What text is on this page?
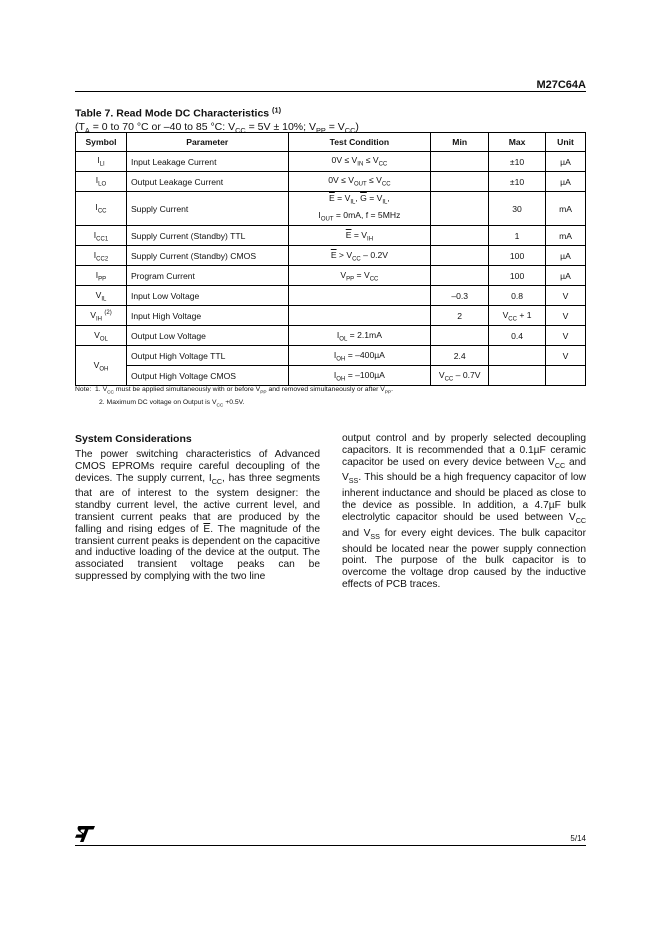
M27C64A
Table 7. Read Mode DC Characteristics $^{(1)}$
($T_A = 0$ to 70 °C or –40 to 85 °C: $V_{CC} = 5V \pm 10\%$; $V_{PP} = V_{CC}$)
Symbol	Parameter	Test Condition	Min	Max	Unit
$I_{LI}$	Input Leakage Current	$0V \le V_{IN} \le V_{CC}$		±10	µA
$I_{LO}$	Output Leakage Current	$0V \le V_{OUT} \le V_{CC}$		±10	µA
$I_{CC}$	Supply Current	$\overline{E} = V_{IL}$, $\overline{G} = V_{IL}$,
$I_{OUT} = 0mA$, f = 5MHz		30	mA
$I_{CC1}$	Supply Current (Standby) TTL	$\overline{E} = V_{IH}$		1	mA
$I_{CC2}$	Supply Current (Standby) CMOS	$\overline{E} > V_{CC} - 0.2V$		100	µA
$I_{PP}$	Program Current	$V_{PP} = V_{CC}$		100	µA
$V_{IL}$	Input Low Voltage		–0.3	0.8	V
$V_{IH}$ $^{(2)}$	Input High Voltage		2	$V_{CC} + 1$	V
$V_{OL}$	Output Low Voltage	$I_{OL} = 2.1mA$		0.4	V
$V_{OH}$	Output High Voltage TTL	$I_{OH} = -400\mu A$	2.4		V
	Output High Voltage CMOS	$I_{OH} = -100\mu A$	$V_{CC} - 0.7V$		
Note: 1. $V_{CC}$ must be applied simultaneously with or before $V_{PP}$ and removed simultaneously or after $V_{PP}$.
2. Maximum DC voltage on Output is $V_{CC} +0.5V$.
System Considerations
The power switching characteristics of Advanced CMOS EPROMs require careful decoupling of the devices. The supply current, $I_{CC}$, has three segments that are of interest to the system designer: the standby current level, the active current level, and transient current peaks that are produced by the falling and rising edges of $\overline{E}$. The magnitude of the transient current peaks is dependent on the capacitive and inductive loading of the device at the output. The associated transient voltage peaks can be suppressed by complying with the two line
output control and by properly selected decoupling capacitors. It is recommended that a 0.1µF ceramic capacitor be used on every device between $V_{CC}$ and $V_{SS}$. This should be a high frequency capacitor of low inherent inductance and should be placed as close to the device as possible. In addition, a 4.7µF bulk electrolytic capacitor should be used between $V_{CC}$ and $V_{SS}$ for every eight devices. The bulk capacitor should be located near the power supply connection point. The purpose of the bulk capacitor is to overcome the voltage drop caused by the inductive effects of PCB traces.
5/14
